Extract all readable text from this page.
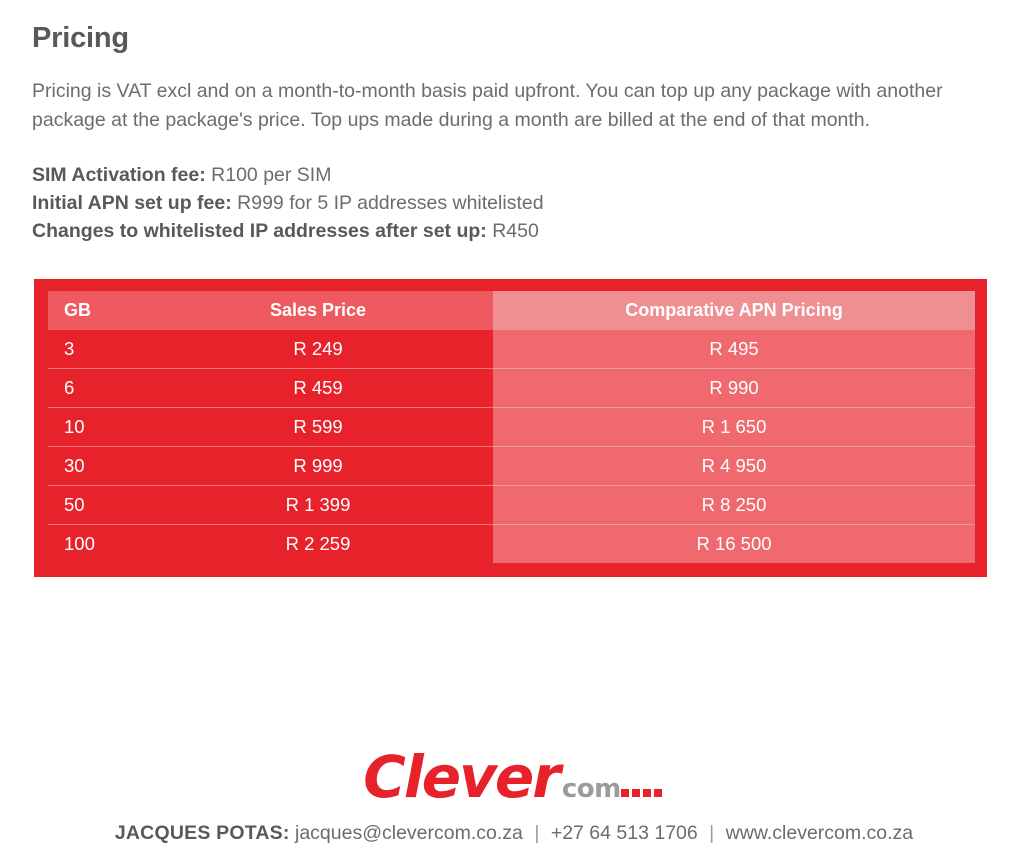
Pricing

Pricing is VAT excl and on a month-to-month basis paid upfront. You can top up any package with another package at the package's price. Top ups made during a month are billed at the end of that month.

SIM Activation fee: R100 per SIM
Initial APN set up fee: R999 for 5 IP addresses whitelisted
Changes to whitelisted IP addresses after set up: R450
GB	Sales Price	Comparative APN Pricing
3	R 249	R 495
6	R 459	R 990
10	R 599	R 1 650
30	R 999	R 4 950
50	R 1 399	R 8 250
100	R 2 259	R 16 500
Clever com
JACQUES POTAS: jacques@clevercom.co.za | +27 64 513 1706 | www.clevercom.co.za
